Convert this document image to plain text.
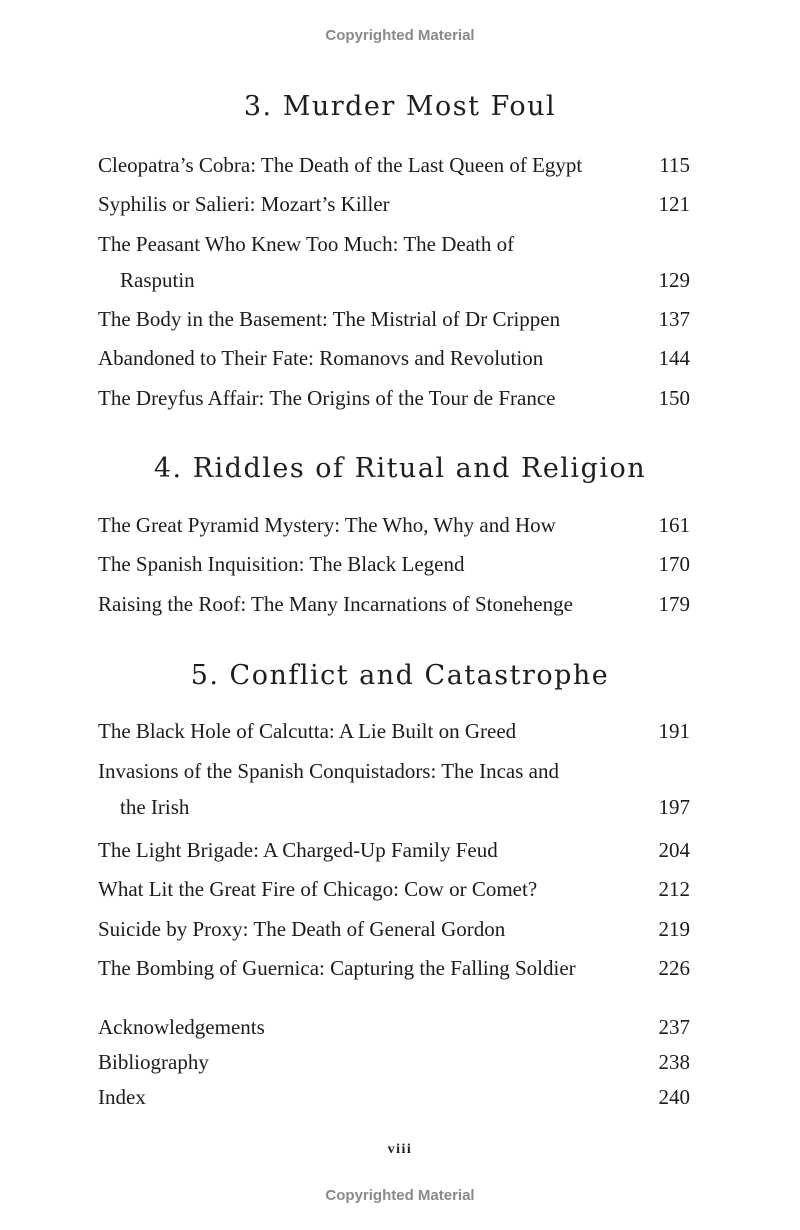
Copyrighted Material
3. Murder Most Foul
Cleopatra’s Cobra: The Death of the Last Queen of Egypt	115
Syphilis or Salieri: Mozart’s Killer	121
The Peasant Who Knew Too Much: The Death of
Rasputin	129
The Body in the Basement: The Mistrial of Dr Crippen	137
Abandoned to Their Fate: Romanovs and Revolution	144
The Dreyfus Affair: The Origins of the Tour de France	150
4. Riddles of Ritual and Religion
The Great Pyramid Mystery: The Who, Why and How	161
The Spanish Inquisition: The Black Legend	170
Raising the Roof: The Many Incarnations of Stonehenge	179
5. Conflict and Catastrophe
The Black Hole of Calcutta: A Lie Built on Greed	191
Invasions of the Spanish Conquistadors: The Incas and
the Irish	197
The Light Brigade: A Charged-Up Family Feud	204
What Lit the Great Fire of Chicago: Cow or Comet?	212
Suicide by Proxy: The Death of General Gordon	219
The Bombing of Guernica: Capturing the Falling Soldier	226
Acknowledgements	237
Bibliography	238
Index	240
viii
Copyrighted Material
